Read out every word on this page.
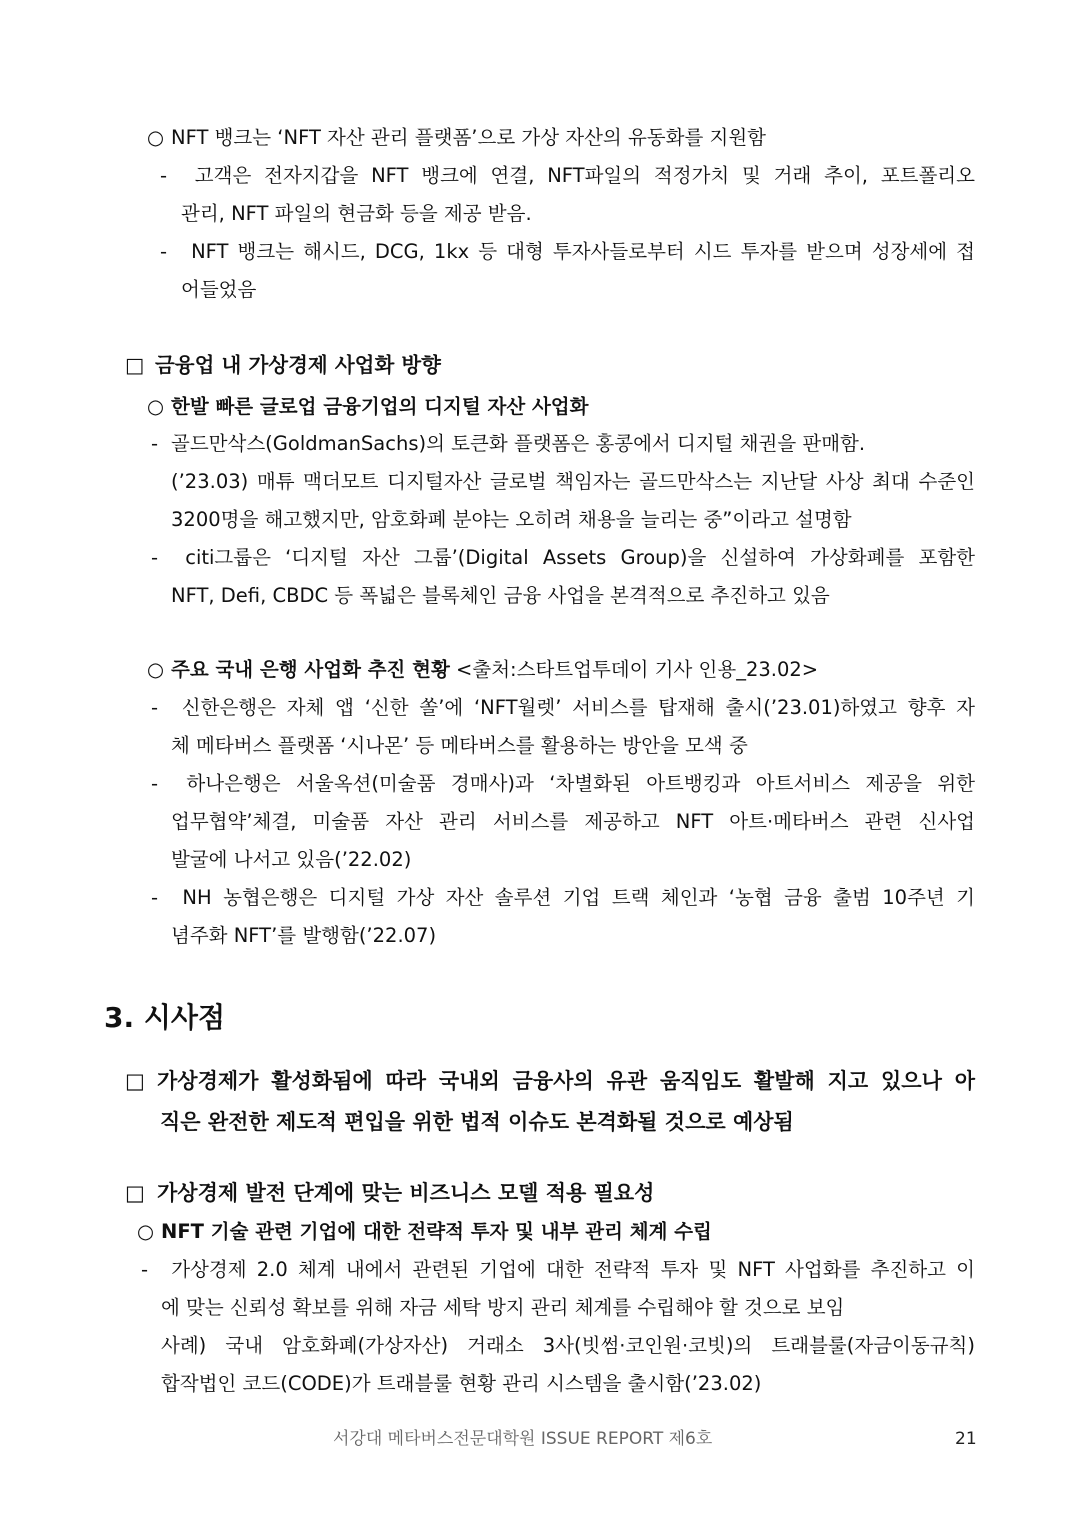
○ NFT 뱅크는 ‘NFT 자산 관리 플랫폼’으로 가상 자산의 유동화를 지원함
- 고객은 전자지갑을 NFT 뱅크에 연결, NFT파일의 적정가치 및 거래 추이, 포트폴리오
관리, NFT 파일의 현금화 등을 제공 받음.
- NFT 뱅크는 해시드, DCG, 1kx 등 대형 투자사들로부터 시드 투자를 받으며 성장세에 접
어들었음
□ 금융업 내 가상경제 사업화 방향
○ 한발 빠른 글로업 금융기업의 디지털 자산 사업화
- 골드만삭스(GoldmanSachs)의 토큰화 플랫폼은 홍콩에서 디지털 채권을 판매함.
(’23.03) 매튜 맥더모트 디지털자산 글로벌 책임자는 골드만삭스는 지난달 사상 최대 수준인
3200명을 해고했지만, 암호화폐 분야는 오히려 채용을 늘리는 중”이라고 설명함
- citi그룹은 ‘디지털 자산 그룹’(Digital Assets Group)을 신설하여 가상화폐를 포함한
NFT, Defi, CBDC 등 폭넓은 블록체인 금융 사업을 본격적으로 추진하고 있음
○ 주요 국내 은행 사업화 추진 현황 <출처:스타트업투데이 기사 인용_23.02>
- 신한은행은 자체 앱 ‘신한 쏠’에 ‘NFT월렛’ 서비스를 탑재해 출시(’23.01)하였고 향후 자
체 메타버스 플랫폼 ‘시나몬’ 등 메타버스를 활용하는 방안을 모색 중
- 하나은행은 서울옥션(미술품 경매사)과 ‘차별화된 아트뱅킹과 아트서비스 제공을 위한
업무협약’체결, 미술품 자산 관리 서비스를 제공하고 NFT 아트·메타버스 관련 신사업
발굴에 나서고 있음(’22.02)
- NH 농협은행은 디지털 가상 자산 솔루션 기업 트랙 체인과 ‘농협 금융 출범 10주년 기
념주화 NFT’를 발행함(’22.07)
3. 시사점
□ 가상경제가 활성화됨에 따라 국내외 금융사의 유관 움직임도 활발해 지고 있으나 아
직은 완전한 제도적 편입을 위한 법적 이슈도 본격화될 것으로 예상됨
□ 가상경제 발전 단계에 맞는 비즈니스 모델 적용 필요성
○ NFT 기술 관련 기업에 대한 전략적 투자 및 내부 관리 체계 수립
- 가상경제 2.0 체계 내에서 관련된 기업에 대한 전략적 투자 및 NFT 사업화를 추진하고 이
에 맞는 신뢰성 확보를 위해 자금 세탁 방지 관리 체계를 수립해야 할 것으로 보임
사례) 국내 암호화폐(가상자산) 거래소 3사(빗썸·코인원·코빗)의 트래블룰(자금이동규칙)
합작법인 코드(CODE)가 트래블룰 현황 관리 시스템을 출시함(’23.02)
서강대 메타버스전문대학원 ISSUE REPORT 제6호	21
